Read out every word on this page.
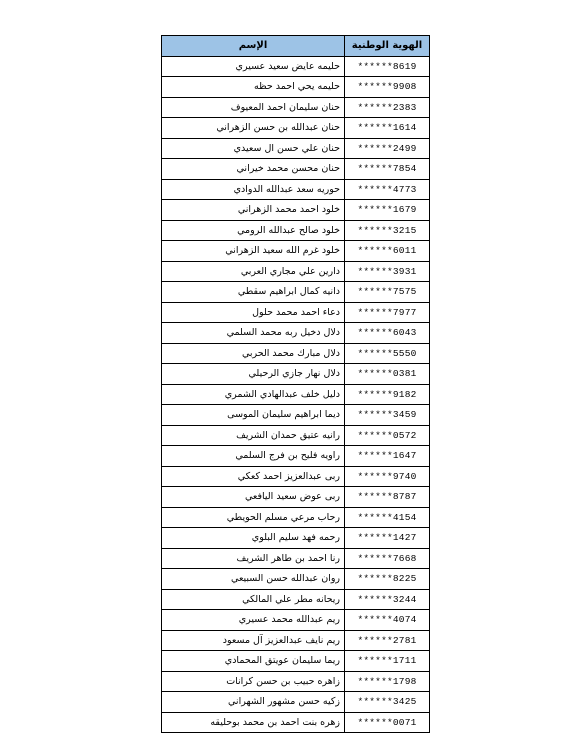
الإسم	الهوية الوطنية
حليمه عايض سعيد عسيري	******8619
حليمه يحي احمد حظه	******9908
حنان سليمان احمد المعيوف	******2383
حنان عبدالله بن حسن الزهراني	******1614
حنان علي حسن ال سعيدي	******2499
حنان محسن محمد خيراني	******7854
حوريه سعد عبدالله الدوادي	******4773
خلود احمد محمد الزهراني	******1679
خلود صالح عبدالله الرومي	******3215
خلود غرم الله سعيد الزهراني	******6011
دارين علي مجاري العربي	******3931
دانيه كمال ابراهيم سقطي	******7575
دعاء احمد محمد حلول	******7977
دلال دخيل ربه محمد السلمي	******6043
دلال مبارك محمد الحربي	******5550
دلال نهار جازي الرحيلي	******0381
دليل خلف عبدالهادي الشمري	******9182
ديما ابراهيم سليمان الموسى	******3459
رانيه عتيق حمدان الشريف	******0572
راويه فليح بن فرج السلمي	******1647
ربى عبدالعزيز احمد كعكي	******9740
ربى عوض سعيد اليافعي	******8787
رحاب مرعي مسلم الحويطي	******4154
رحمه فهد سليم البلوي	******1427
رنا احمد بن طاهر الشريف	******7668
روان عبدالله حسن السبيعي	******8225
ريحانه مطر علي المالكي	******3244
ريم عبدالله محمد عسيري	******4074
ريم نايف عبدالعزيز آل مسعود	******2781
ريما سليمان عويتق المحمادي	******1711
زاهره حبيب بن حسن كرانات	******1798
زكيه حسن مشهور الشهراني	******3425
زهره بنت احمد بن محمد بوحليقه	******0071
